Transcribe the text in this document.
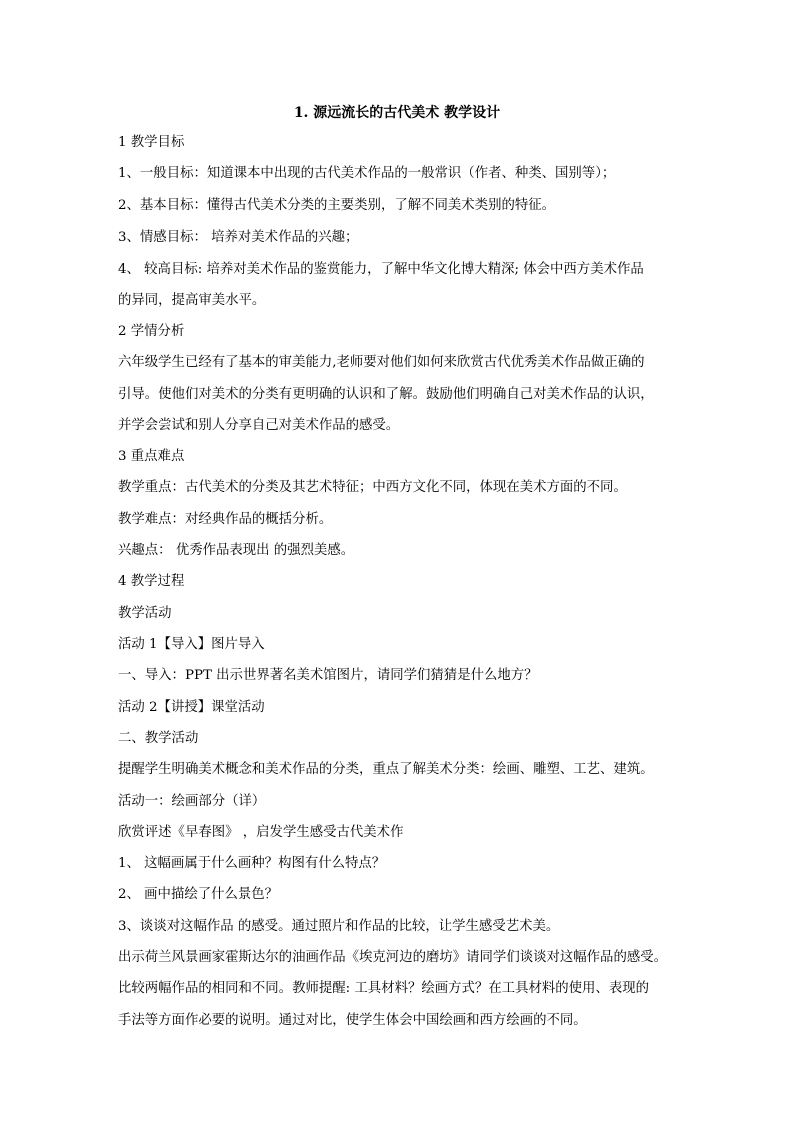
1. 源远流长的古代美术 教学设计
1 教学目标
1、一般目标：知道课本中出现的古代美术作品的一般常识（作者、种类、国别等）；
2、基本目标：懂得古代美术分类的主要类别，了解不同美术类别的特征。
3、情感目标： 培养对美术作品的兴趣；
4、 较高目标: 培养对美术作品的鉴赏能力，了解中华文化博大精深; 体会中西方美术作品
的异同，提高审美水平。
2 学情分析
六年级学生已经有了基本的审美能力,老师要对他们如何来欣赏古代优秀美术作品做正确的
引导。使他们对美术的分类有更明确的认识和了解。鼓励他们明确自己对美术作品的认识，
并学会尝试和别人分享自己对美术作品的感受。
3 重点难点
教学重点：古代美术的分类及其艺术特征；中西方文化不同，体现在美术方面的不同。
教学难点：对经典作品的概括分析。
兴趣点： 优秀作品表现出 的强烈美感。
4 教学过程
教学活动
活动 1【导入】图片导入
一、导入：PPT 出示世界著名美术馆图片，请同学们猜猜是什么地方？
活动 2【讲授】课堂活动
二、教学活动
提醒学生明确美术概念和美术作品的分类，重点了解美术分类：绘画、雕塑、工艺、建筑。
活动一：绘画部分（详）
欣赏评述《早春图》 ，启发学生感受古代美术作
1、 这幅画属于什么画种？构图有什么特点？
2、 画中描绘了什么景色？
3、谈谈对这幅作品 的感受。通过照片和作品的比较，让学生感受艺术美。
出示荷兰风景画家霍斯达尔的油画作品《埃克河边的磨坊》请同学们谈谈对这幅作品的感受。
比较两幅作品的相同和不同。教师提醒: 工具材料？绘画方式？在工具材料的使用、表现的
手法等方面作必要的说明。通过对比，使学生体会中国绘画和西方绘画的不同。
